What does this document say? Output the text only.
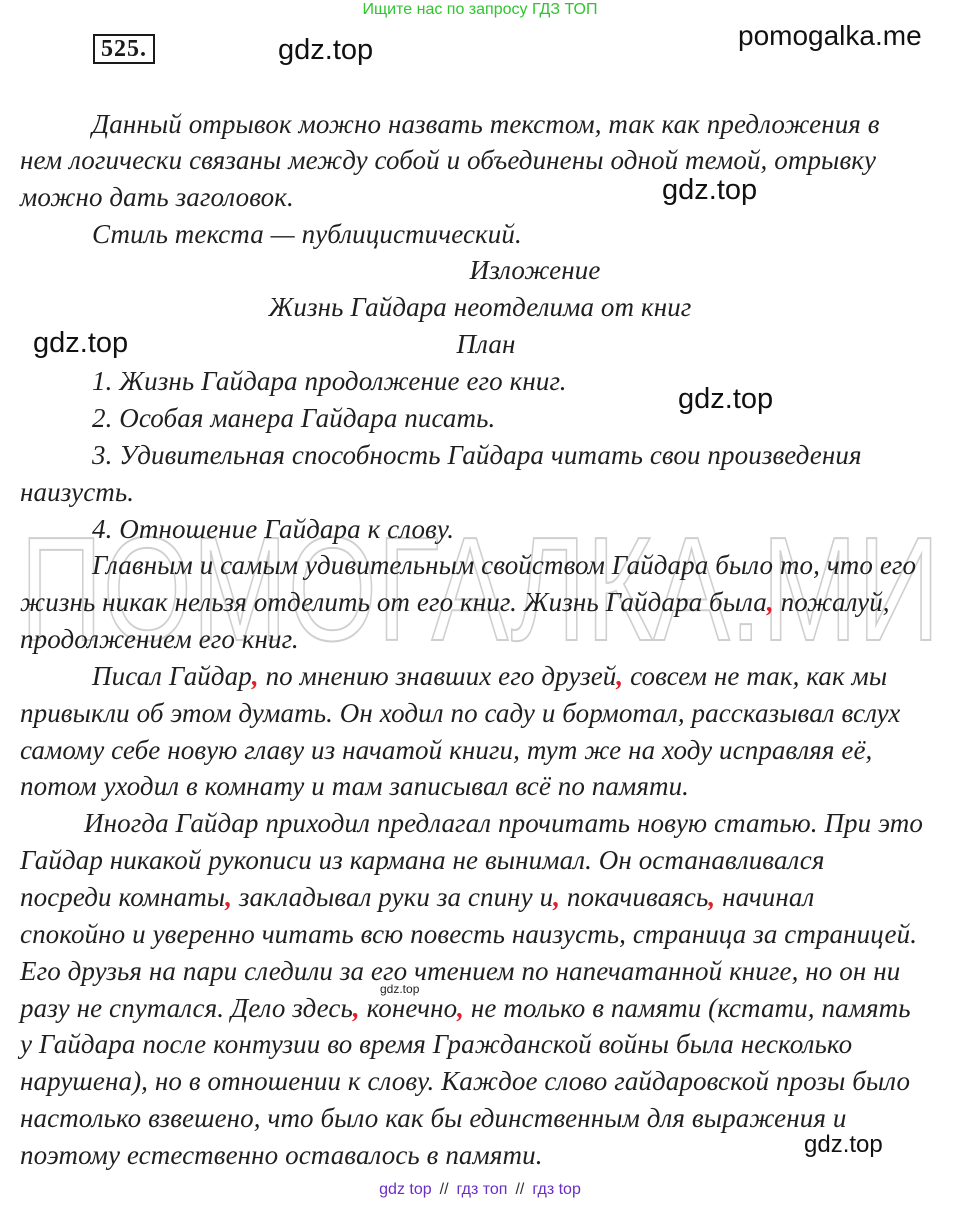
Ищите нас по запросу ГДЗ ТОП
525.	pomogalka.me
ПОМОГАЛКА.МИ
gdz.top
gdz.top
gdz.top
gdz.top
gdz.top
gdz.top
Данный отрывок можно назвать текстом, так как предложения в
нем логически связаны между собой и объединены одной темой, отрывку
можно дать заголовок.
Стиль текста — публицистический.
Изложение
Жизнь Гайдара неотделима от книг
План
1. Жизнь Гайдара продолжение его книг.
2. Особая манера Гайдара писать.
3. Удивительная способность Гайдара читать свои произведения
наизусть.
4. Отношение Гайдара к слову.
Главным и самым удивительным свойством Гайдара было то, что его
жизнь никак нельзя отделить от его книг. Жизнь Гайдара была, пожалуй,
продолжением его книг.
Писал Гайдар, по мнению знавших его друзей, совсем не так, как мы
привыкли об этом думать. Он ходил по саду и бормотал, рассказывал вслух
самому себе новую главу из начатой книги, тут же на ходу исправляя её,
потом уходил в комнату и там записывал всё по памяти.
Иногда Гайдар приходил предлагал прочитать новую статью. При это
Гайдар никакой рукописи из кармана не вынимал. Он останавливался
посреди комнаты, закладывал руки за спину и, покачиваясь, начинал
спокойно и уверенно читать всю повесть наизусть, страница за страницей.
Его друзья на пари следили за его чтением по напечатанной книге, но он ни
разу не спутался. Дело здесь, конечно, не только в памяти (кстати, память
у Гайдара после контузии во время Гражданской войны была несколько
нарушена), но в отношении к слову. Каждое слово гайдаровской прозы было
настолько взвешено, что было как бы единственным для выражения и
поэтому естественно оставалось в памяти.
gdz top // гдз топ // гдз top
